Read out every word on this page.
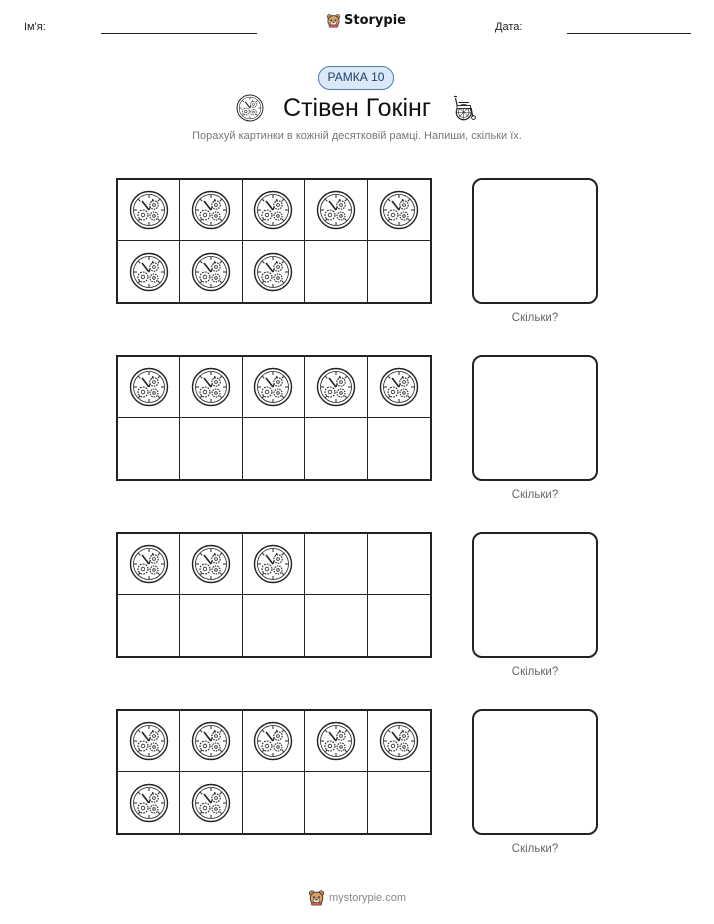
Ім'я:	Storypie	Дата:
РАМКА 10
Стівен Гокінг
Порахуй картинки в кожній десятковій рамці. Напиши, скільки їх.
Скільки?
Скільки?
Скільки?
Скільки?
mystorypie.com
